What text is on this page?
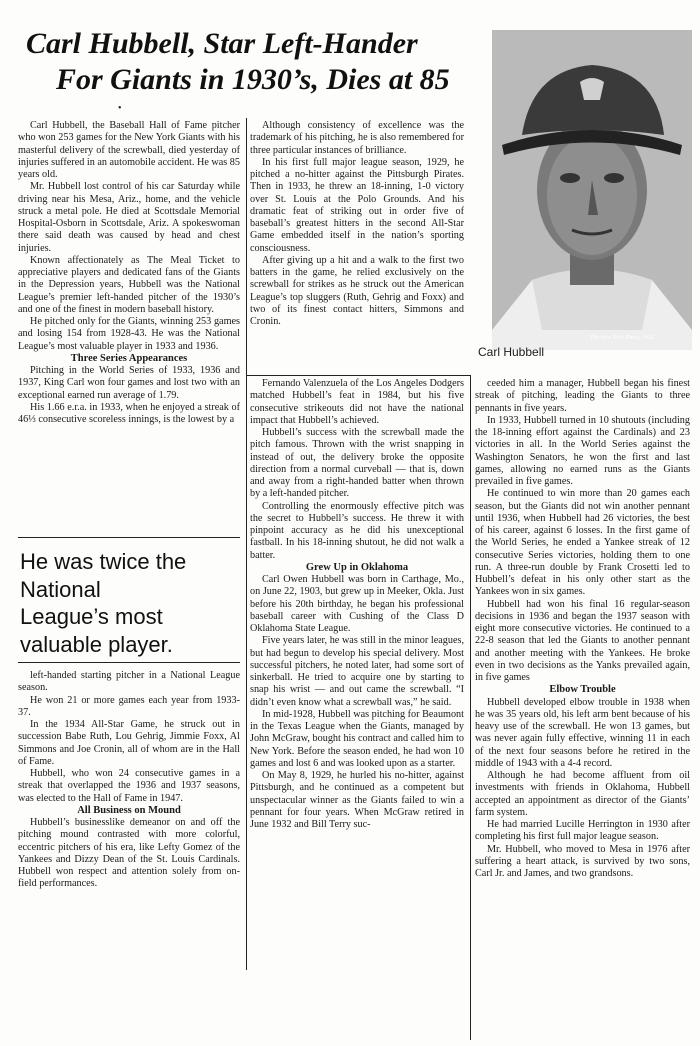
Carl Hubbell, Star Left-Hander
For Giants in 1930’s, Dies at 85
•
The New York Times, 1933
Carl Hubbell
He was twice the
National
League’s most
valuable player.

Carl Hubbell, the Baseball Hall of Fame pitcher who won 253 games for the New York Giants with his masterful delivery of the screwball, died yesterday of injuries suffered in an automobile accident. He was 85 years old.

Mr. Hubbell lost control of his car Saturday while driving near his Mesa, Ariz., home, and the vehicle struck a metal pole. He died at Scottsdale Memorial Hospital-Osborn in Scottsdale, Ariz. A spokeswoman there said death was caused by head and chest injuries.

Known affectionately as The Meal Ticket to appreciative players and dedicated fans of the Giants in the Depression years, Hubbell was the National League’s premier left-handed pitcher of the 1930’s and one of the finest in modern baseball history.

He pitched only for the Giants, winning 253 games and losing 154 from 1928-43. He was the National League’s most valuable player in 1933 and 1936.

Three Series Appearances

Pitching in the World Series of 1933, 1936 and 1937, King Carl won four games and lost two with an exceptional earned run average of 1.79.

His 1.66 e.r.a. in 1933, when he enjoyed a streak of 46⅓ consecutive scoreless innings, is the lowest by a

left-handed starting pitcher in a National League season.

He won 21 or more games each year from 1933-37.

In the 1934 All-Star Game, he struck out in succession Babe Ruth, Lou Gehrig, Jimmie Foxx, Al Simmons and Joe Cronin, all of whom are in the Hall of Fame.

Hubbell, who won 24 consecutive games in a streak that overlapped the 1936 and 1937 seasons, was elected to the Hall of Fame in 1947.

All Business on Mound

Hubbell’s businesslike demeanor on and off the pitching mound contrasted with more colorful, eccentric pitchers of his era, like Lefty Gomez of the Yankees and Dizzy Dean of the St. Louis Cardinals. Hubbell won respect and attention solely from on-field performances.

Although consistency of excellence was the trademark of his pitching, he is also remembered for three particular instances of brilliance.

In his first full major league season, 1929, he pitched a no-hitter against the Pittsburgh Pirates. Then in 1933, he threw an 18-inning, 1-0 victory over St. Louis at the Polo Grounds. And his dramatic feat of striking out in order five of baseball’s greatest hitters in the second All-Star Game embedded itself in the nation’s sporting consciousness.

After giving up a hit and a walk to the first two batters in the game, he relied exclusively on the screwball for strikes as he struck out the American League’s top sluggers (Ruth, Gehrig and Foxx) and two of its finest contact hitters, Simmons and Cronin.

Fernando Valenzuela of the Los Angeles Dodgers matched Hubbell’s feat in 1984, but his five consecutive strikeouts did not have the national impact that Hubbell’s achieved.

Hubbell’s success with the screwball made the pitch famous. Thrown with the wrist snapping in instead of out, the delivery broke the opposite direction from a normal curveball — that is, down and away from a right-handed batter when thrown by a left-handed pitcher.

Controlling the enormously effective pitch was the secret to Hubbell’s success. He threw it with pinpoint accuracy as he did his unexceptional fastball. In his 18-inning shutout, he did not walk a batter.

Grew Up in Oklahoma

Carl Owen Hubbell was born in Carthage, Mo., on June 22, 1903, but grew up in Meeker, Okla. Just before his 20th birthday, he began his professional baseball career with Cushing of the Class D Oklahoma State League.

Five years later, he was still in the minor leagues, but had begun to develop his special delivery. Most successful pitchers, he noted later, had some sort of sinkerball. He tried to acquire one by starting to snap his wrist — and out came the screwball. “I didn’t even know what a screwball was,” he said.

In mid-1928, Hubbell was pitching for Beaumont in the Texas League when the Giants, managed by John McGraw, bought his contract and called him to New York. Before the season ended, he had won 10 games and lost 6 and was looked upon as a starter.

On May 8, 1929, he hurled his no-hitter, against Pittsburgh, and he continued as a competent but unspectacular winner as the Giants failed to win a pennant for four years. When McGraw retired in June 1932 and Bill Terry suc-

ceeded him a manager, Hubbell began his finest streak of pitching, leading the Giants to three pennants in five years.

In 1933, Hubbell turned in 10 shutouts (including the 18-inning effort against the Cardinals) and 23 victories in all. In the World Series against the Washington Senators, he won the first and last games, allowing no earned runs as the Giants prevailed in five games.

He continued to win more than 20 games each season, but the Giants did not win another pennant until 1936, when Hubbell had 26 victories, the best of his career, against 6 losses. In the first game of the World Series, he ended a Yankee streak of 12 consecutive Series victories, holding them to one run. A three-run double by Frank Crosetti led to Hubbell’s defeat in his only other start as the Yankees won in six games.

Hubbell had won his final 16 regular-season decisions in 1936 and began the 1937 season with eight more consecutive victories. He continued to a 22-8 season that led the Giants to another pennant and another meeting with the Yankees. He broke even in two decisions as the Yanks prevailed again, in five games

Elbow Trouble

Hubbell developed elbow trouble in 1938 when he was 35 years old, his left arm bent because of his heavy use of the screwball. He won 13 games, but was never again fully effective, winning 11 in each of the next four seasons before he retired in the middle of 1943 with a 4-4 record.

Although he had become affluent from oil investments with friends in Oklahoma, Hubbell accepted an appointment as director of the Giants’ farm system.

He had married Lucille Herrington in 1930 after completing his first full major league season.

Mr. Hubbell, who moved to Mesa in 1976 after suffering a heart attack, is survived by two sons, Carl Jr. and James, and two grandsons.
